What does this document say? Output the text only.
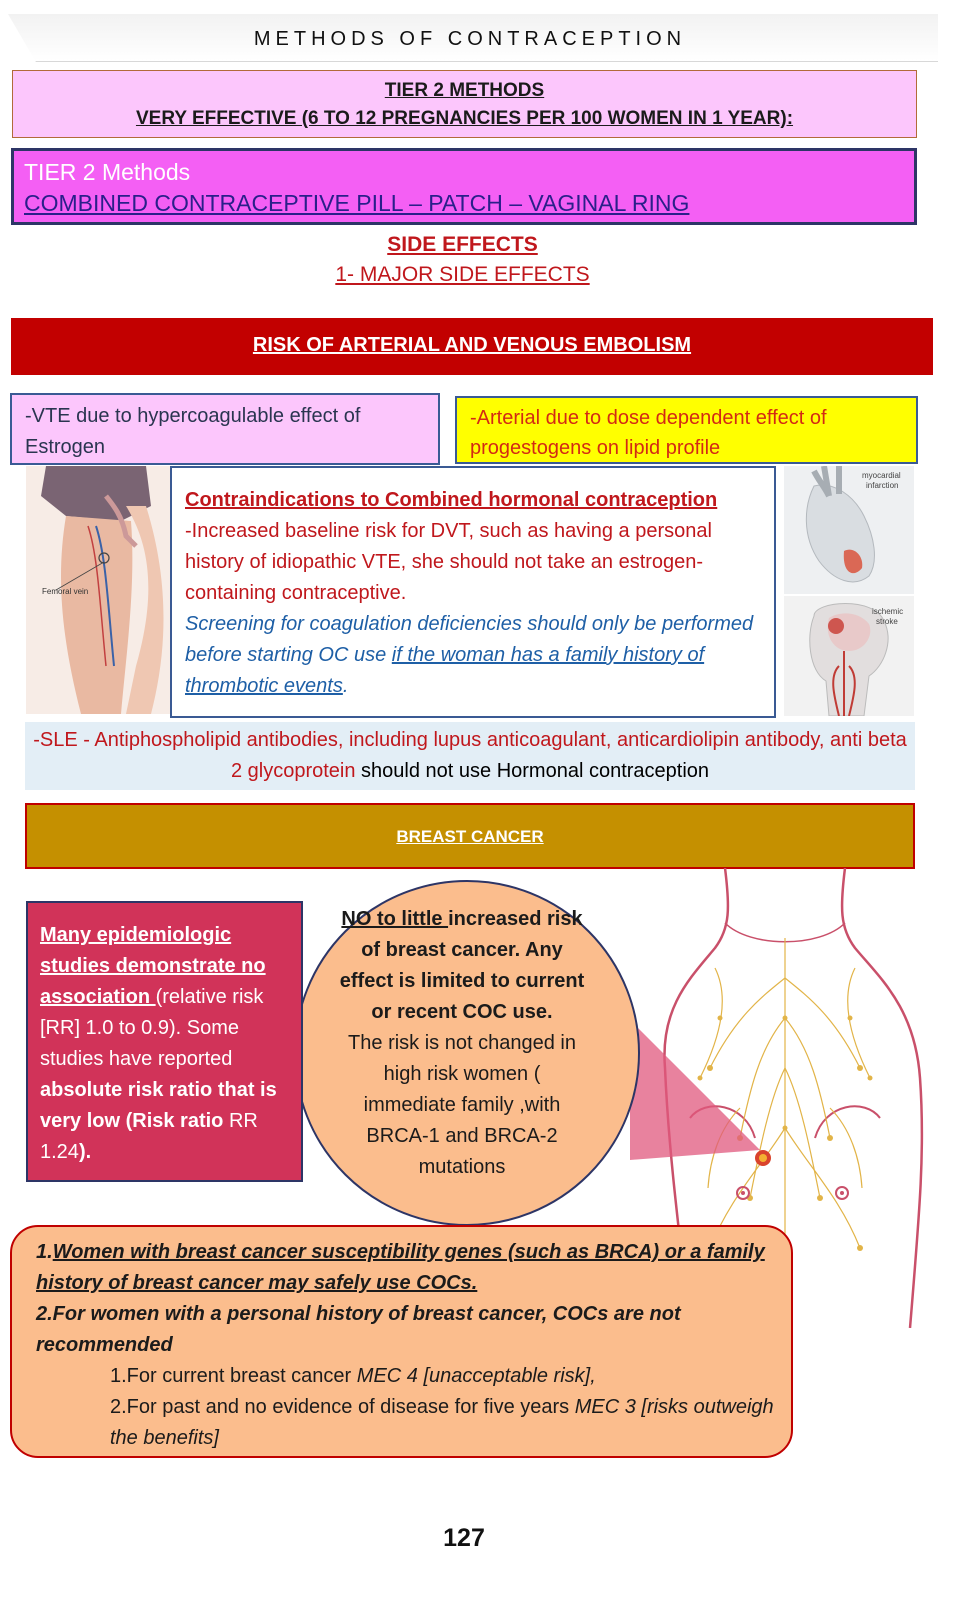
METHODS OF CONTRACEPTION
TIER 2 METHODS
VERY EFFECTIVE (6 TO 12 PREGNANCIES PER 100 WOMEN IN 1 YEAR):
TIER 2 Methods
COMBINED CONTRACEPTIVE PILL – PATCH – VAGINAL RING
SIDE EFFECTS
1- MAJOR SIDE EFFECTS
RISK OF ARTERIAL AND VENOUS EMBOLISM
-VTE due to hypercoagulable effect of Estrogen
-Arterial due to dose dependent effect of progestogens on lipid profile
Femoral vein
Contraindications to Combined hormonal contraception
-Increased baseline risk for DVT, such as having a personal history of idiopathic VTE, she should not take an estrogen-containing contraceptive.
Screening for coagulation deficiencies should only be performed before starting OC use if the woman has a family history of thrombotic events.
myocardial
infarction
ischemic
stroke
-SLE - Antiphospholipid antibodies, including lupus anticoagulant, anticardiolipin antibody, anti beta 2 glycoprotein should not use Hormonal contraception
BREAST CANCER
NO to little increased risk of breast cancer. Any effect is limited to current or recent COC use.
The risk is not changed in high risk women ( immediate family ,with BRCA-1 and BRCA-2 mutations
Many epidemiologic studies demonstrate no association (relative risk [RR] 1.0 to 0.9). Some studies have reported absolute risk ratio that is very low (Risk ratio RR 1.24).
1.Women with breast cancer susceptibility genes (such as BRCA) or a family history of breast cancer may safely use COCs.
2.For women with a personal history of breast cancer, COCs are not recommended
1.For current breast cancer MEC 4 [unacceptable risk],
2.For past and no evidence of disease for five years MEC 3 [risks outweigh the benefits]
127
